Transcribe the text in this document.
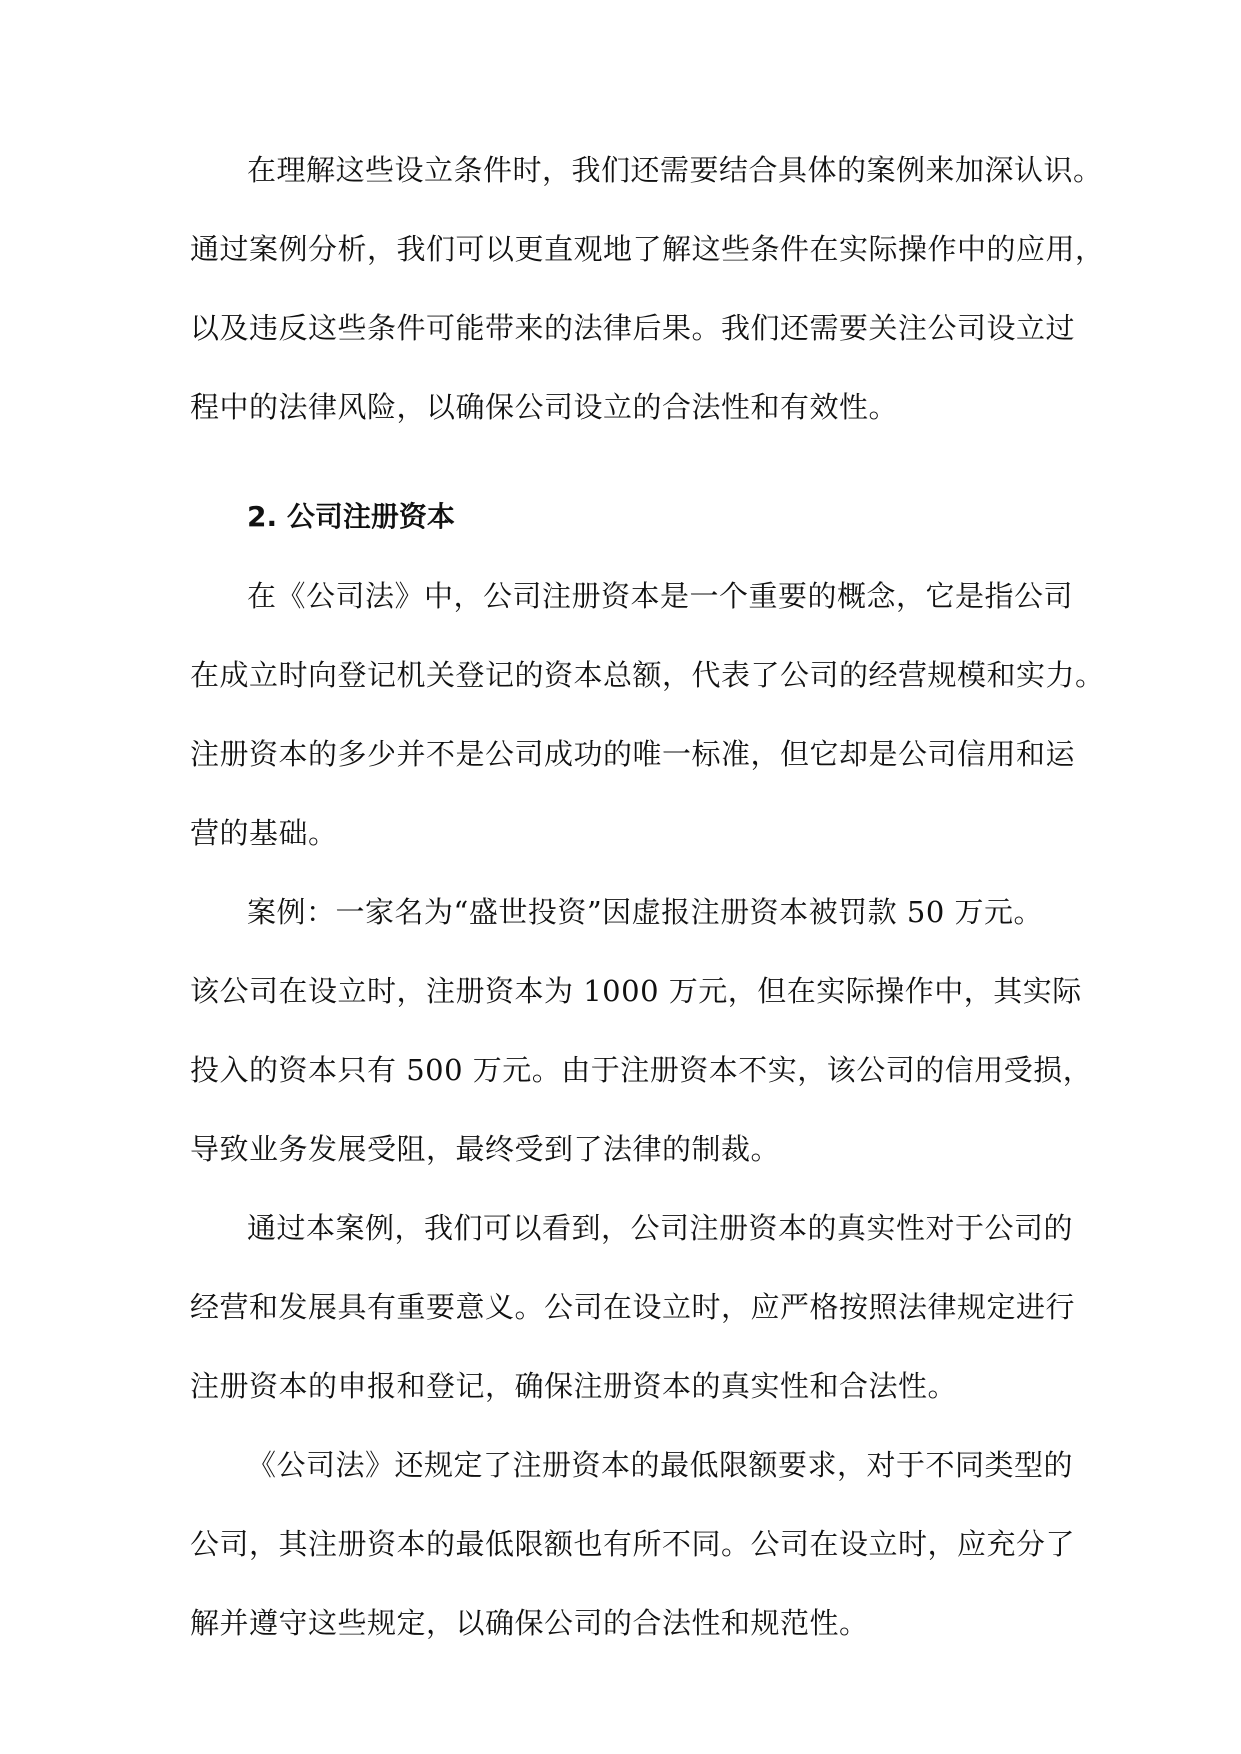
在理解这些设立条件时，我们还需要结合具体的案例来加深认识。
通过案例分析，我们可以更直观地了解这些条件在实际操作中的应用，
以及违反这些条件可能带来的法律后果。我们还需要关注公司设立过
程中的法律风险，以确保公司设立的合法性和有效性。
2. 公司注册资本
在《公司法》中，公司注册资本是一个重要的概念，它是指公司
在成立时向登记机关登记的资本总额，代表了公司的经营规模和实力。
注册资本的多少并不是公司成功的唯一标准，但它却是公司信用和运
营的基础。
案例：一家名为“盛世投资”因虚报注册资本被罚款 50 万元。
该公司在设立时，注册资本为 1000 万元，但在实际操作中，其实际
投入的资本只有 500 万元。由于注册资本不实，该公司的信用受损，
导致业务发展受阻，最终受到了法律的制裁。
通过本案例，我们可以看到，公司注册资本的真实性对于公司的
经营和发展具有重要意义。公司在设立时，应严格按照法律规定进行
注册资本的申报和登记，确保注册资本的真实性和合法性。
《公司法》还规定了注册资本的最低限额要求，对于不同类型的
公司，其注册资本的最低限额也有所不同。公司在设立时，应充分了
解并遵守这些规定，以确保公司的合法性和规范性。
